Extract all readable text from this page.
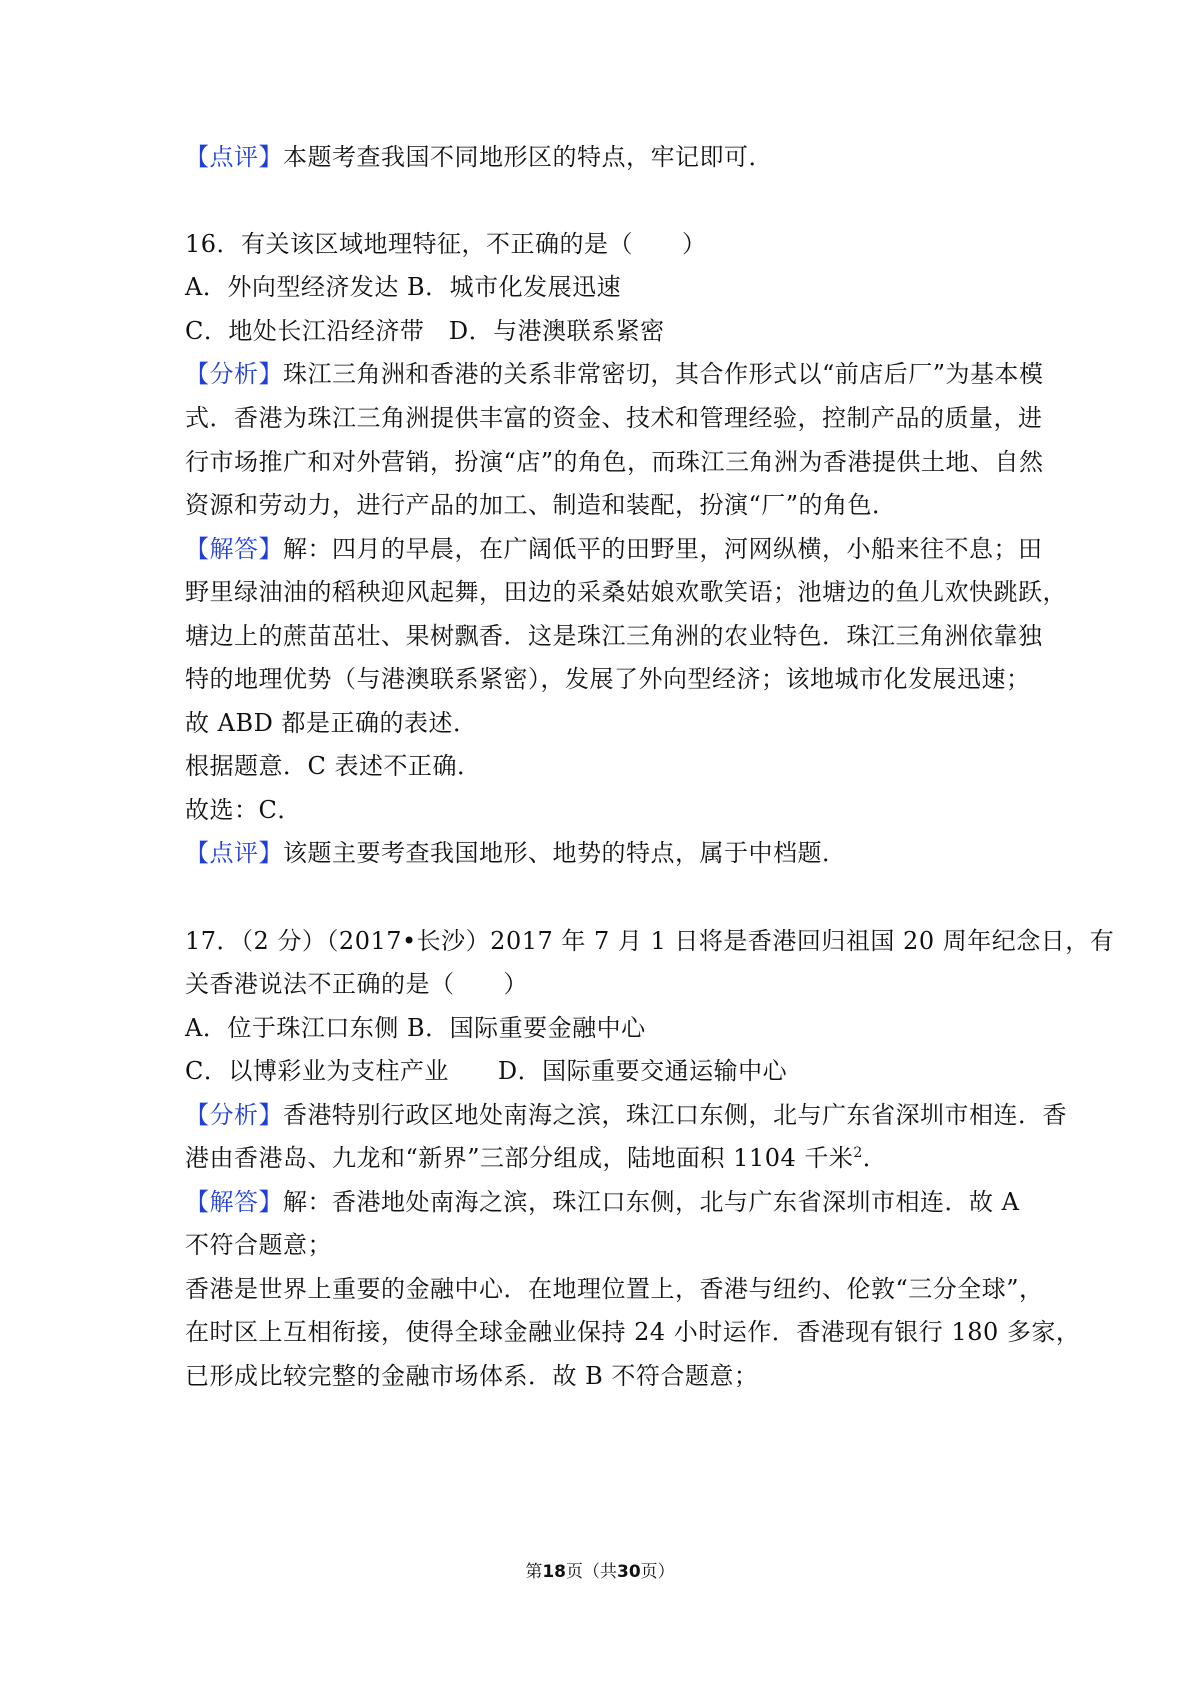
【点评】本题考查我国不同地形区的特点，牢记即可．
16．有关该区域地理特征，不正确的是（　　）
A．外向型经济发达 B．城市化发展迅速
C．地处长江沿经济带　D．与港澳联系紧密
【分析】珠江三角洲和香港的关系非常密切，其合作形式以“前店后厂”为基本模
式．香港为珠江三角洲提供丰富的资金、技术和管理经验，控制产品的质量，进
行市场推广和对外营销，扮演“店”的角色，而珠江三角洲为香港提供土地、自然
资源和劳动力，进行产品的加工、制造和装配，扮演“厂”的角色．
【解答】解：四月的早晨，在广阔低平的田野里，河网纵横，小船来往不息；田
野里绿油油的稻秧迎风起舞，田边的采桑姑娘欢歌笑语；池塘边的鱼儿欢快跳跃，
塘边上的蔗苗茁壮、果树飘香．这是珠江三角洲的农业特色．珠江三角洲依靠独
特的地理优势（与港澳联系紧密），发展了外向型经济；该地城市化发展迅速；
故 ABD 都是正确的表述．
根据题意．C 表述不正确．
故选：C．
【点评】该题主要考查我国地形、地势的特点，属于中档题．
17．（2 分）（2017•长沙）2017 年 7 月 1 日将是香港回归祖国 20 周年纪念日，有
关香港说法不正确的是（　　）
A．位于珠江口东侧 B．国际重要金融中心
C．以博彩业为支柱产业　　D．国际重要交通运输中心
【分析】香港特别行政区地处南海之滨，珠江口东侧，北与广东省深圳市相连．香
港由香港岛、九龙和“新界”三部分组成，陆地面积 1104 千米$^2$．
【解答】解：香港地处南海之滨，珠江口东侧，北与广东省深圳市相连．故 A
不符合题意；
香港是世界上重要的金融中心．在地理位置上，香港与纽约、伦敦“三分全球”，
在时区上互相衔接，使得全球金融业保持 24 小时运作．香港现有银行 180 多家，
已形成比较完整的金融市场体系．故 B 不符合题意；
第18页（共30页）
